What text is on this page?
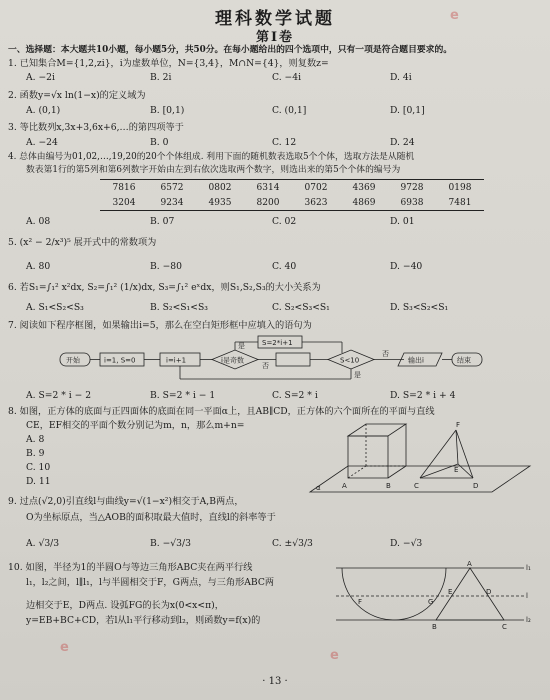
理科数学试题
第Ⅰ卷
一、选择题：本大题共10小题，每小题5分，共50分。在每小题给出的四个选项中，只有一项是符合题目要求的。
1. 已知集合M={1,2,zi}，i为虚数单位，N={3,4}，M∩N={4}，则复数z=
A. −2i	B. 2i	C. −4i	D. 4i
2. 函数y=√x ln(1−x)的定义域为
A. (0,1)	B. [0,1)	C. (0,1]	D. [0,1]
3. 等比数列x,3x+3,6x+6,…的第四项等于
A. −24	B. 0	C. 12	D. 24
4. 总体由编号为01,02,…,19,20的20个个体组成. 利用下面的随机数表选取5个个体，选取方法是从随机
数表第1行的第5列和第6列数字开始由左到右依次选取两个数字，则选出来的第5个个体的编号为
7816	6572	0802	6314	0702	4369	9728	0198
3204	9234	4935	8200	3623	4869	6938	7481
A. 08	B. 07	C. 02	D. 01
5. (x² − 2/x³)⁵ 展开式中的常数项为
A. 80	B. −80	C. 40	D. −40
6. 若S₁=∫₁² x²dx, S₂=∫₁² (1/x)dx, S₃=∫₁² eˣdx，则S₁,S₂,S₃的大小关系为
A. S₁<S₂<S₃	B. S₂<S₁<S₃	C. S₂<S₃<S₁	D. S₃<S₂<S₁
7. 阅读如下程序框图，如果输出i=5，那么在空白矩形框中应填入的语句为
开始	i=1, S=0	i=i+1	i是奇数
是 S=2*i+1
否
S<10
否
是
输出i	结束
A. S=2 * i − 2	B. S=2 * i − 1	C. S=2 * i	D. S=2 * i + 4
8. 如图，正方体的底面与正四面体的底面在同一平面α上，且AB∥CD，正方体的六个面所在的平面与直线
CE，EF相交的平面个数分别记为m，n，那么m+n=
A. 8
B. 9
C. 10
D. 11
α	A	B	C	D
E
F
9. 过点(√2,0)引直线l与曲线y=√(1−x²)相交于A,B两点，
O为坐标原点，当△AOB的面积取最大值时，直线l的斜率等于
A. √3/3	B. −√3/3	C. ±√3/3	D. −√3
10. 如图，半径为1的半圆O与等边三角形ABC夹在两平行线
l₁，l₂之间，l∥l₁，l与半圆相交于F，G两点，与三角形ABC两
边相交于E，D两点. 设弧FG的长为x(0<x<π)，
y=EB+BC+CD，若l从l₁平行移动到l₂，则函数y=f(x)的
l₁
l₂
l
A
B	C
D
E
F	G
· 13 ·
e
e
e
